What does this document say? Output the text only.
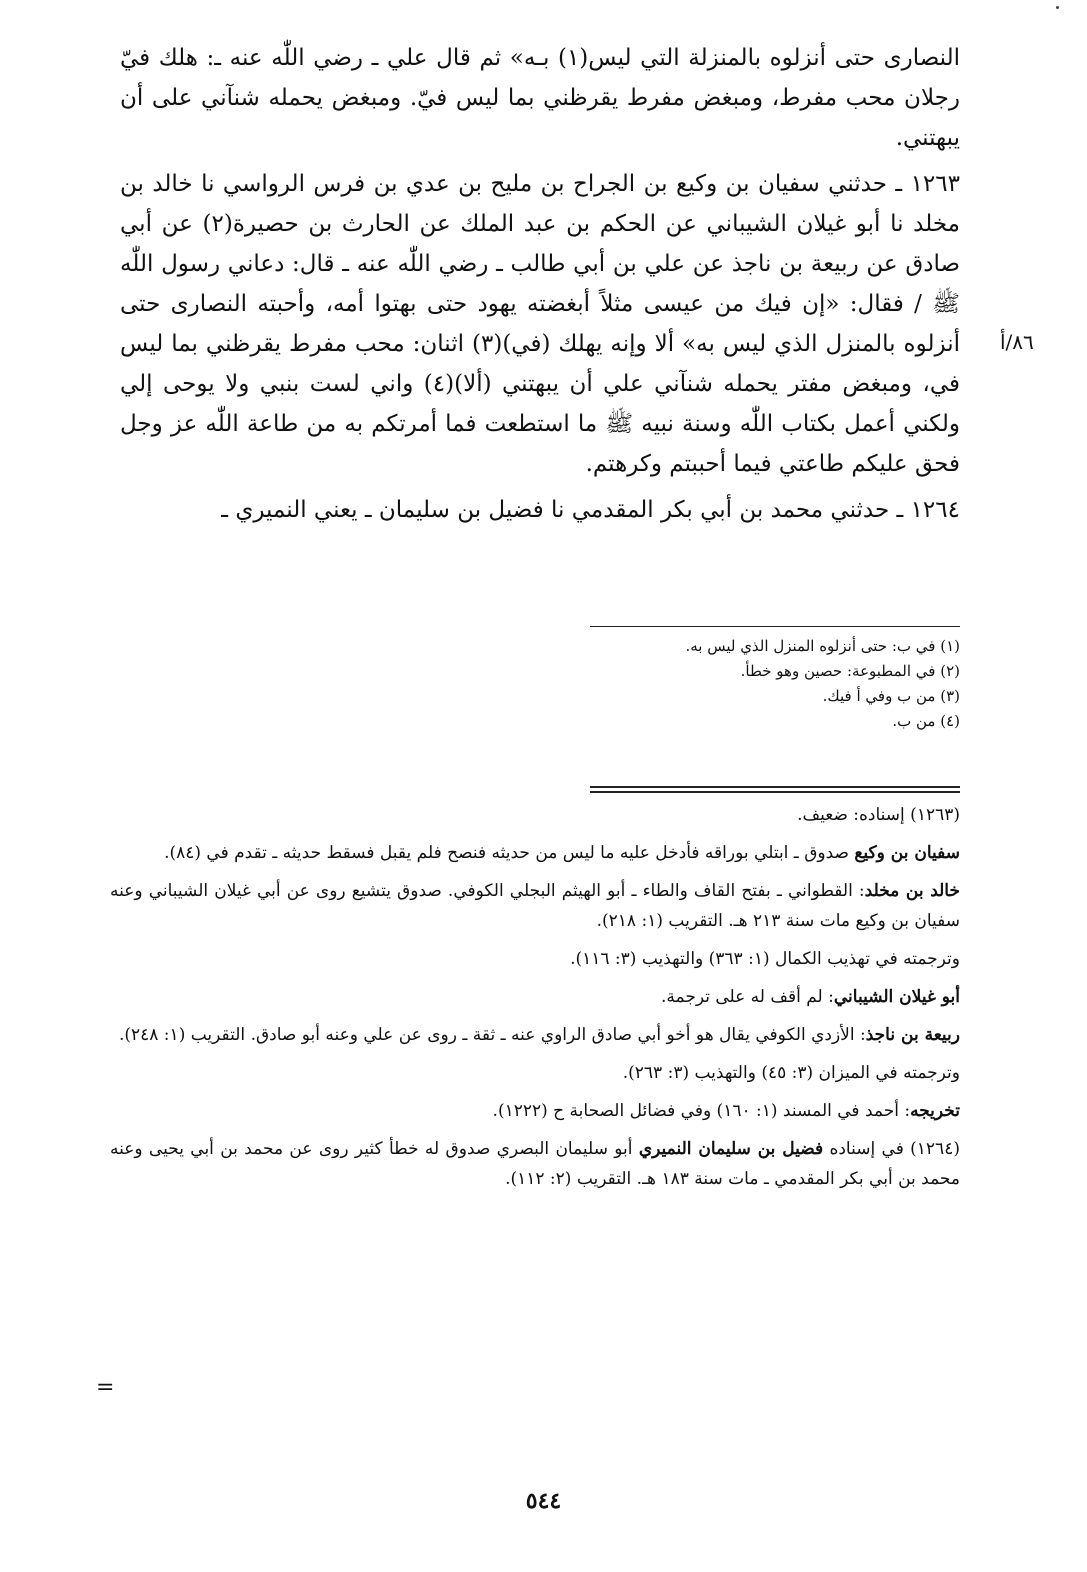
النصارى حتى أنزلوه بالمنزلة التي ليس(١) بـه» ثم قال علي ـ رضي اللّٰه عنه ـ: هلك فيّ رجلان محب مفرط، ومبغض مفرط يقرظني بما ليس فيّ. ومبغض يحمله شنآني على أن يبهتني.

١٢٦٣ ـ حدثني سفيان بن وكيع بن الجراح بن مليح بن عدي بن فرس الرواسي نا خالد بن مخلد نا أبو غيلان الشيباني عن الحكم بن عبد الملك عن الحارث بن حصيرة(٢) عن أبي صادق عن ربيعة بن ناجذ عن علي بن أبي طالب ـ رضي اللّٰه عنه ـ قال: دعاني رسول اللّٰه ﷺ / فقال: «إن فيك من عيسى مثلاً أبغضته يهود حتى بهتوا أمه، وأحبته النصارى حتى أنزلوه بالمنزل الذي ليس به» ألا وإنه يهلك (في)(٣) اثنان: محب مفرط يقرظني بما ليس في، ومبغض مفتر يحمله شنآني علي أن يبهتني (ألا)(٤) واني لست بنبي ولا يوحى إلي ولكني أعمل بكتاب اللّٰه وسنة نبيه ﷺ ما استطعت فما أمرتكم به من طاعة اللّٰه عز وجل فحق عليكم طاعتي فيما أحببتم وكرهتم.

١٢٦٤ ـ حدثني محمد بن أبي بكر المقدمي نا فضيل بن سليمان ـ يعني النميري ـ

٨٦/أ
(١) في ب: حتى أنزلوه المنزل الذي ليس به.
(٢) في المطبوعة: حصين وهو خطأ.
(٣) من ب وفي أ فيك.
(٤) من ب.

(١٢٦٣) إسناده: ضعيف.

سفيان بن وكيع صدوق ـ ابتلي بوراقه فأدخل عليه ما ليس من حديثه فنصح فلم يقبل فسقط حديثه ـ تقدم في (٨٤).

خالد بن مخلد: القطواني ـ بفتح القاف والطاء ـ أبو الهيثم البجلي الكوفي. صدوق يتشيع روى عن أبي غيلان الشيباني وعنه سفيان بن وكيع مات سنة ٢١٣ هـ. التقريب (١: ٢١٨).

وترجمته في تهذيب الكمال (١: ٣٦٣) والتهذيب (٣: ١١٦).

أبو غيلان الشيباني: لم أقف له على ترجمة.

ربيعة بن ناجذ: الأزدي الكوفي يقال هو أخو أبي صادق الراوي عنه ـ ثقة ـ روى عن علي وعنه أبو صادق. التقريب (١: ٢٤٨).

وترجمته في الميزان (٣: ٤٥) والتهذيب (٣: ٢٦٣).

تخريجه: أحمد في المسند (١: ١٦٠) وفي فضائل الصحابة ح (١٢٢٢).

(١٢٦٤) في إسناده فضيل بن سليمان النميري أبو سليمان البصري صدوق له خطأ كثير روى عن محمد بن أبي يحيى وعنه محمد بن أبي بكر المقدمي ـ مات سنة ١٨٣ هـ. التقريب (٢: ١١٢).

=
٥٤٤
